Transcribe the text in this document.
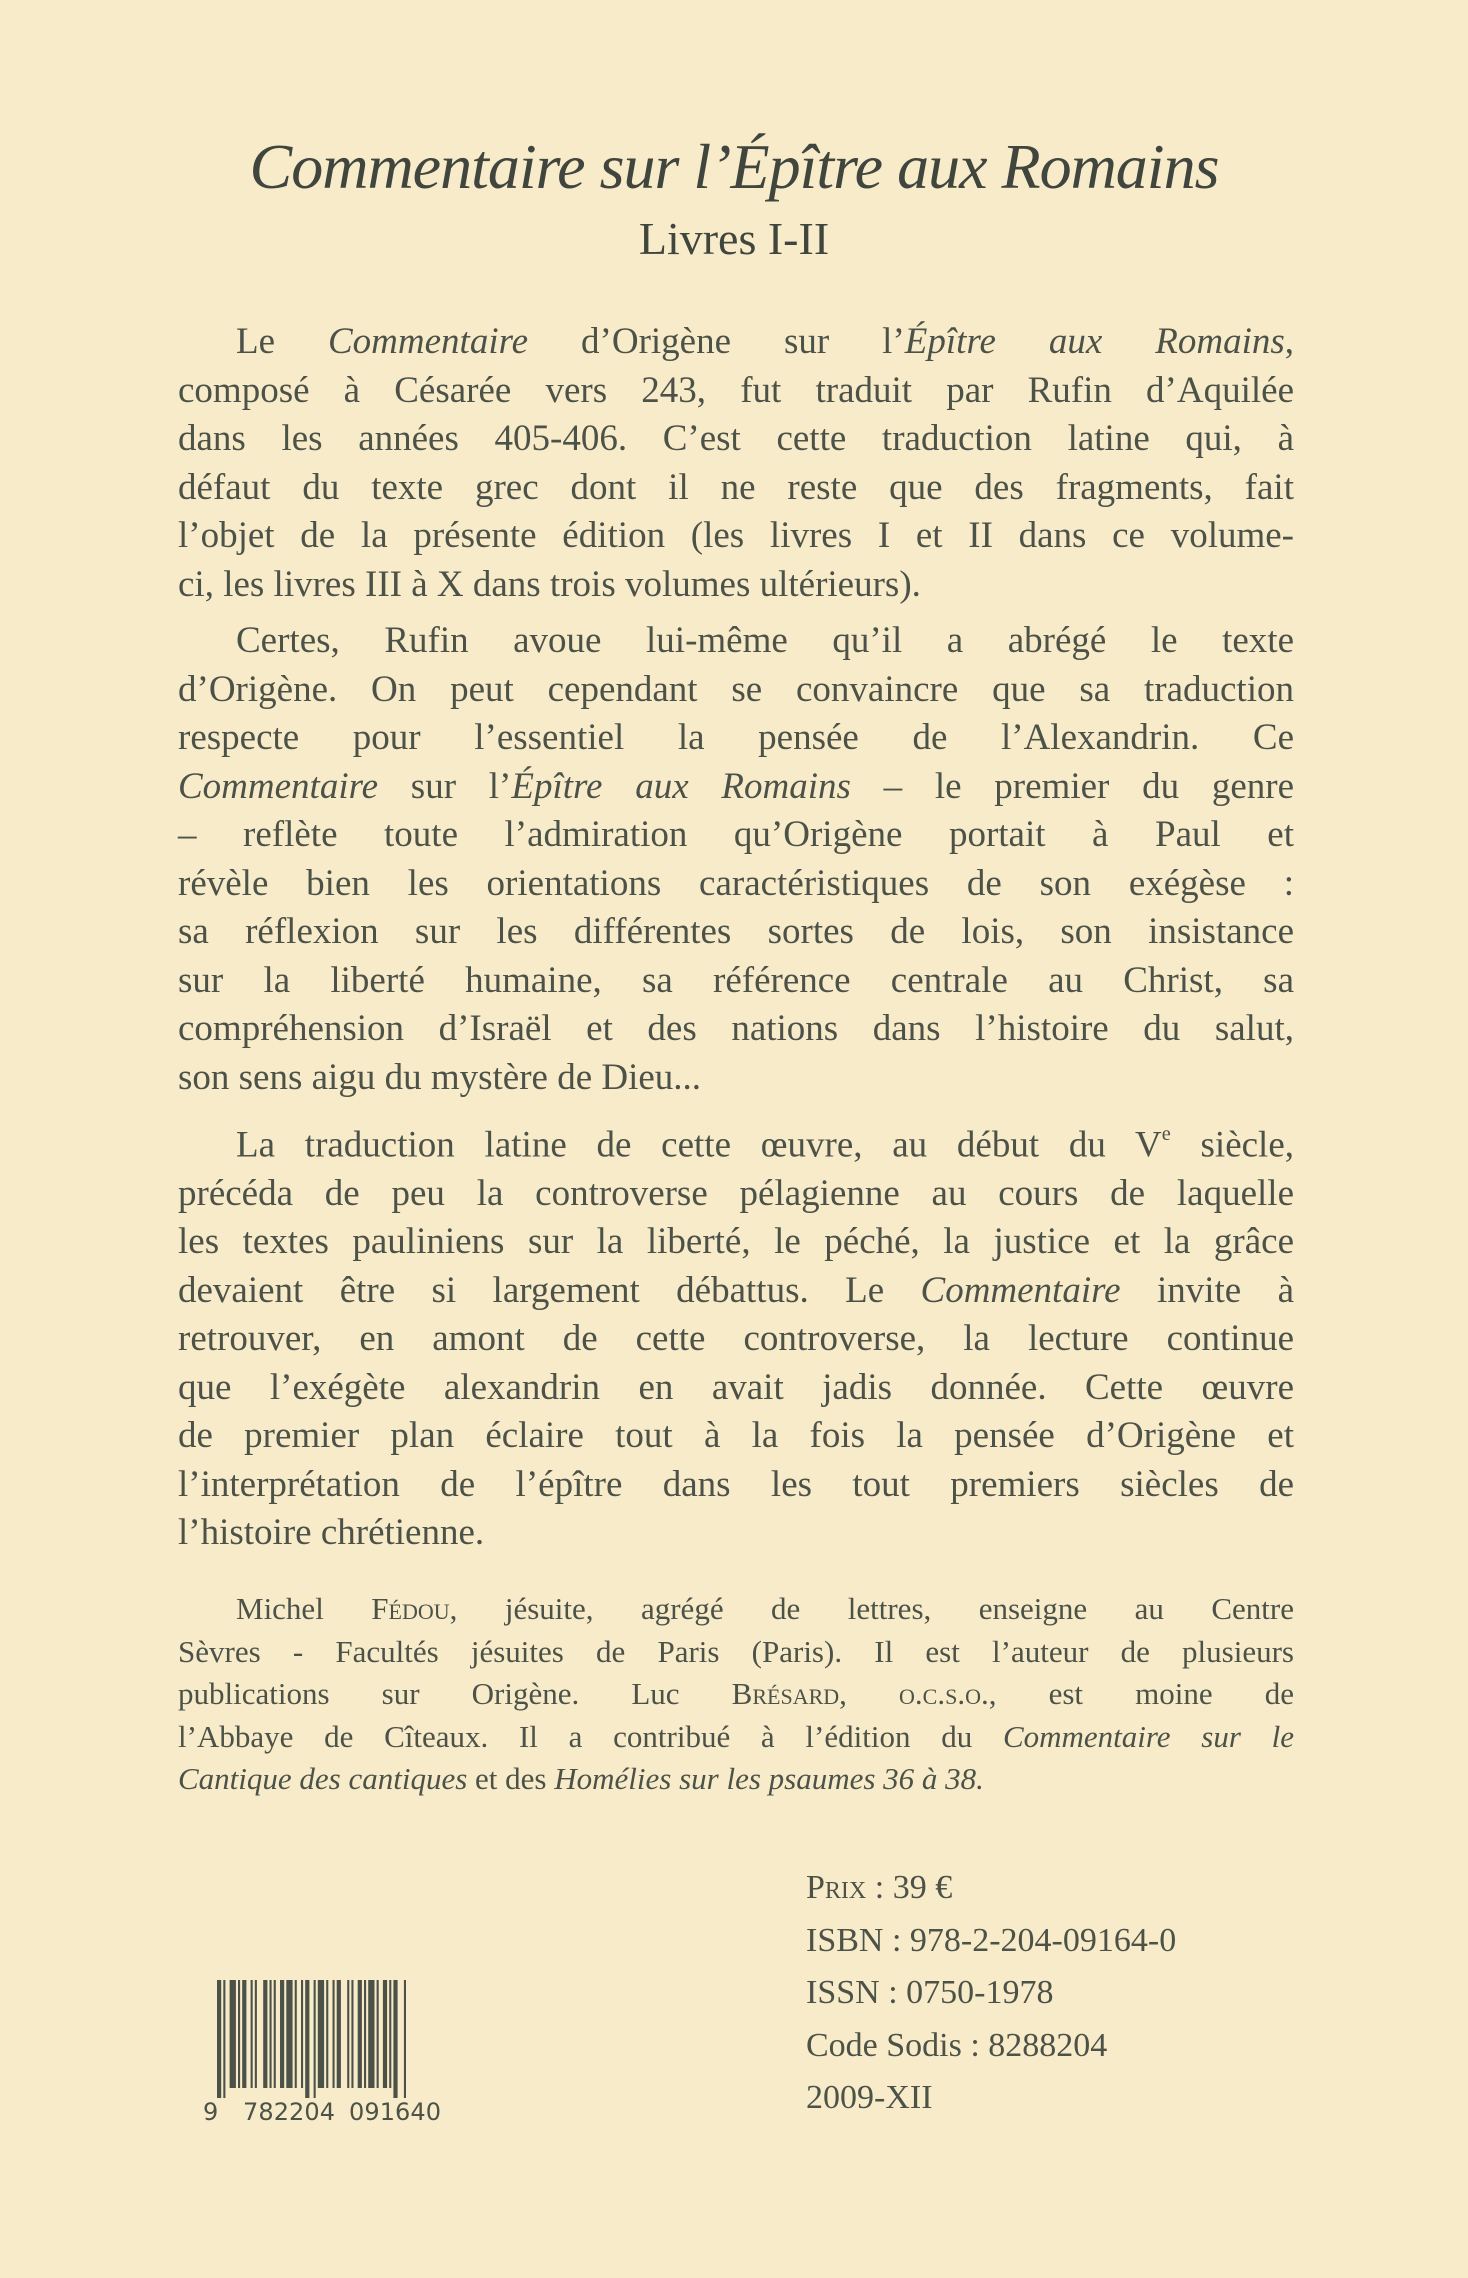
Commentaire sur l’Épître aux Romains
Livres I-II
Le Commentaire d’Origène sur l’Épître aux Romains,
composé à Césarée vers 243, fut traduit par Rufin d’Aquilée
dans les années 405-406. C’est cette traduction latine qui, à
défaut du texte grec dont il ne reste que des fragments, fait
l’objet de la présente édition (les livres I et II dans ce volume-
ci, les livres III à X dans trois volumes ultérieurs).
Certes, Rufin avoue lui-même qu’il a abrégé le texte
d’Origène. On peut cependant se convaincre que sa traduction
respecte pour l’essentiel la pensée de l’Alexandrin. Ce
Commentaire sur l’Épître aux Romains – le premier du genre
– reflète toute l’admiration qu’Origène portait à Paul et
révèle bien les orientations caractéristiques de son exégèse :
sa réflexion sur les différentes sortes de lois, son insistance
sur la liberté humaine, sa référence centrale au Christ, sa
compréhension d’Israël et des nations dans l’histoire du salut,
son sens aigu du mystère de Dieu...
La traduction latine de cette œuvre, au début du Ve siècle,
précéda de peu la controverse pélagienne au cours de laquelle
les textes pauliniens sur la liberté, le péché, la justice et la grâce
devaient être si largement débattus. Le Commentaire invite à
retrouver, en amont de cette controverse, la lecture continue
que l’exégète alexandrin en avait jadis donnée. Cette œuvre
de premier plan éclaire tout à la fois la pensée d’Origène et
l’interprétation de l’épître dans les tout premiers siècles de
l’histoire chrétienne.
Michel Fédou, jésuite, agrégé de lettres, enseigne au Centre
Sèvres - Facultés jésuites de Paris (Paris). Il est l’auteur de plusieurs
publications sur Origène. Luc Brésard, o.c.s.o., est moine de
l’Abbaye de Cîteaux. Il a contribué à l’édition du Commentaire sur le
Cantique des cantiques et des Homélies sur les psaumes 36 à 38.
9 782204 091640
Prix : 39 €
ISBN : 978-2-204-09164-0
ISSN : 0750-1978
Code Sodis : 8288204
2009-XII
